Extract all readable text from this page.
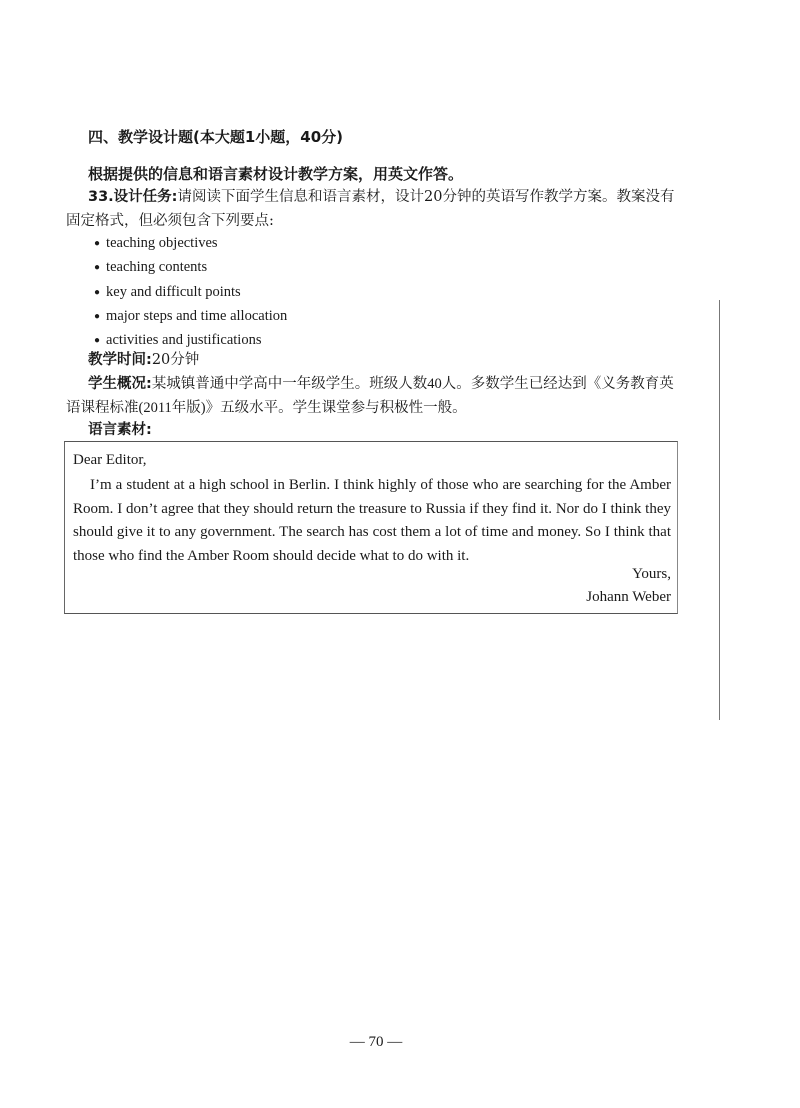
四、教学设计题(本大题1小题，40分)
根据提供的信息和语言素材设计教学方案，用英文作答。
33.设计任务:请阅读下面学生信息和语言素材，设计20分钟的英语写作教学方案。教案没有固定格式，但必须包含下列要点:
● teaching objectives
● teaching contents
● key and difficult points
● major steps and time allocation
● activities and justifications
教学时间:20分钟
学生概况:某城镇普通中学高中一年级学生。班级人数40人。多数学生已经达到《义务教育英语课程标准(2011年版)》五级水平。学生课堂参与积极性一般。
语言素材:
Dear Editor,
I’m a student at a high school in Berlin. I think highly of those who are searching for the Amber Room. I don’t agree that they should return the treasure to Russia if they find it. Nor do I think they should give it to any government. The search has cost them a lot of time and money. So I think that those who find the Amber Room should decide what to do with it.
Yours,
Johann Weber
— 70 —
